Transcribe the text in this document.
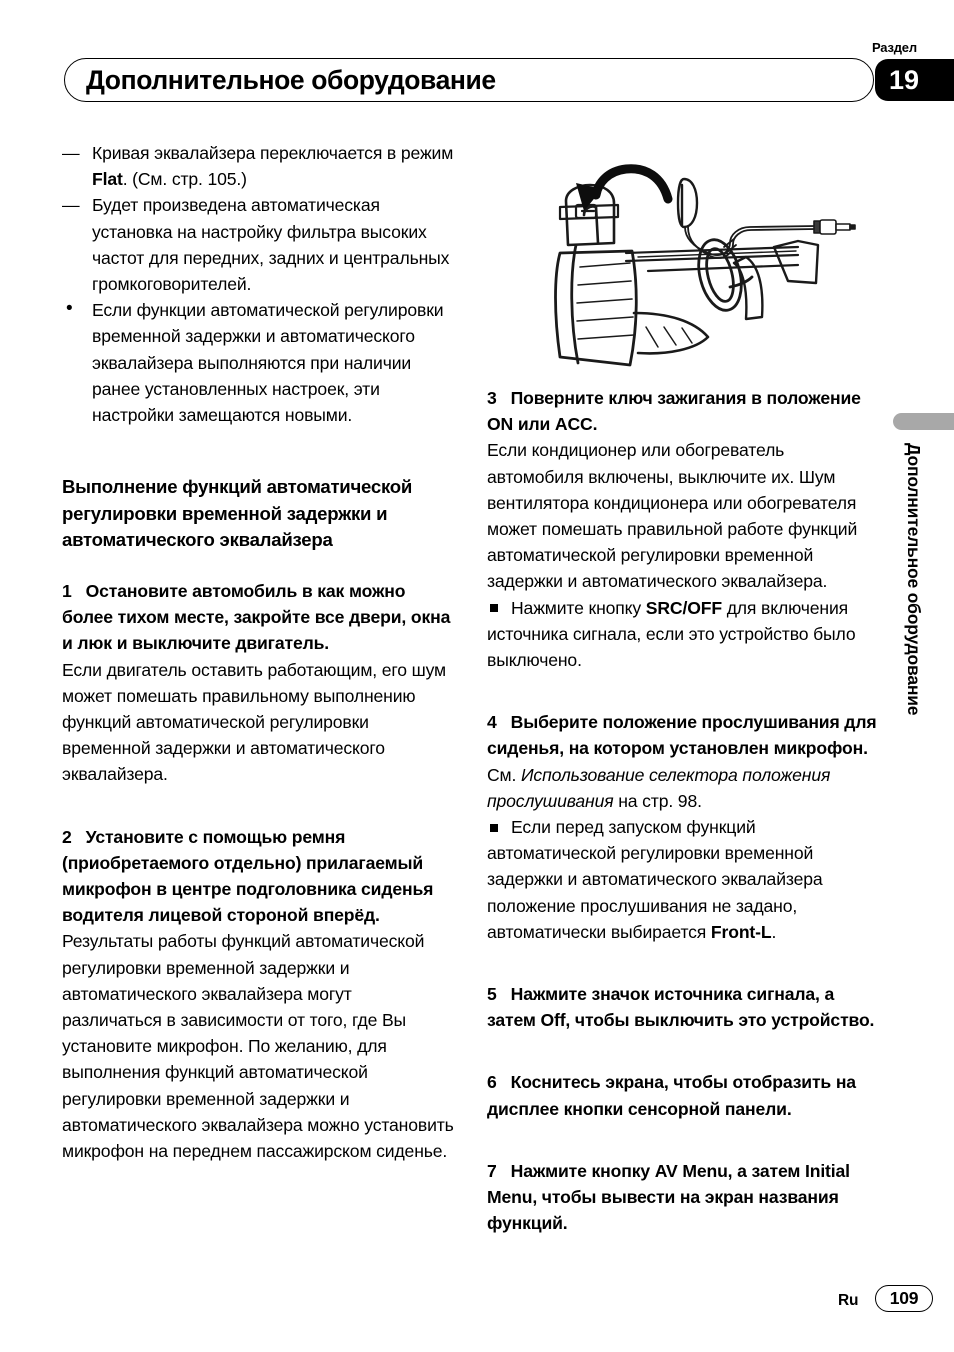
Раздел
19
Дополнительное оборудование
Дополнительное оборудование
— Кривая эквалайзера переключается в режим Flat. (См. стр. 105.)
— Будет произведена автоматическая установка на настройку фильтра высоких частот для передних, задних и центральных громкоговорителей.
• Если функции автоматической регулировки временной задержки и автоматического эквалайзера выполняются при наличии ранее установленных настроек, эти настройки замещаются новыми.
Выполнение функций автоматической регулировки временной задержки и автоматического эквалайзера
1 Остановите автомобиль в как можно более тихом месте, закройте все двери, окна и люк и выключите двигатель.
Если двигатель оставить работающим, его шум может помешать правильному выполнению функций автоматической регулировки временной задержки и автоматического эквалайзера.
2 Установите с помощью ремня (приобретаемого отдельно) прилагаемый микрофон в центре подголовника сиденья водителя лицевой стороной вперёд.
Результаты работы функций автоматической регулировки временной задержки и автоматического эквалайзера могут различаться в зависимости от того, где Вы установите микрофон. По желанию, для выполнения функций автоматической регулировки временной задержки и автоматического эквалайзера можно установить микрофон на переднем пассажирском сиденье.
3 Поверните ключ зажигания в положение ON или ACC.
Если кондиционер или обогреватель автомобиля включены, выключите их. Шум вентилятора кондиционера или обогревателя может помешать правильной работе функций автоматической регулировки временной задержки и автоматического эквалайзера.
Нажмите кнопку SRC/OFF для включения источника сигнала, если это устройство было выключено.
4 Выберите положение прослушивания для сиденья, на котором установлен микрофон.
См. Использование селектора положения прослушивания на стр. 98.
Если перед запуском функций автоматической регулировки временной задержки и автоматического эквалайзера положение прослушивания не задано, автоматически выбирается Front-L.
5 Нажмите значок источника сигнала, а затем Off, чтобы выключить это устройство.
6 Коснитесь экрана, чтобы отобразить на дисплее кнопки сенсорной панели.
7 Нажмите кнопку AV Menu, а затем Initial Menu, чтобы вывести на экран названия функций.
Ru	109
